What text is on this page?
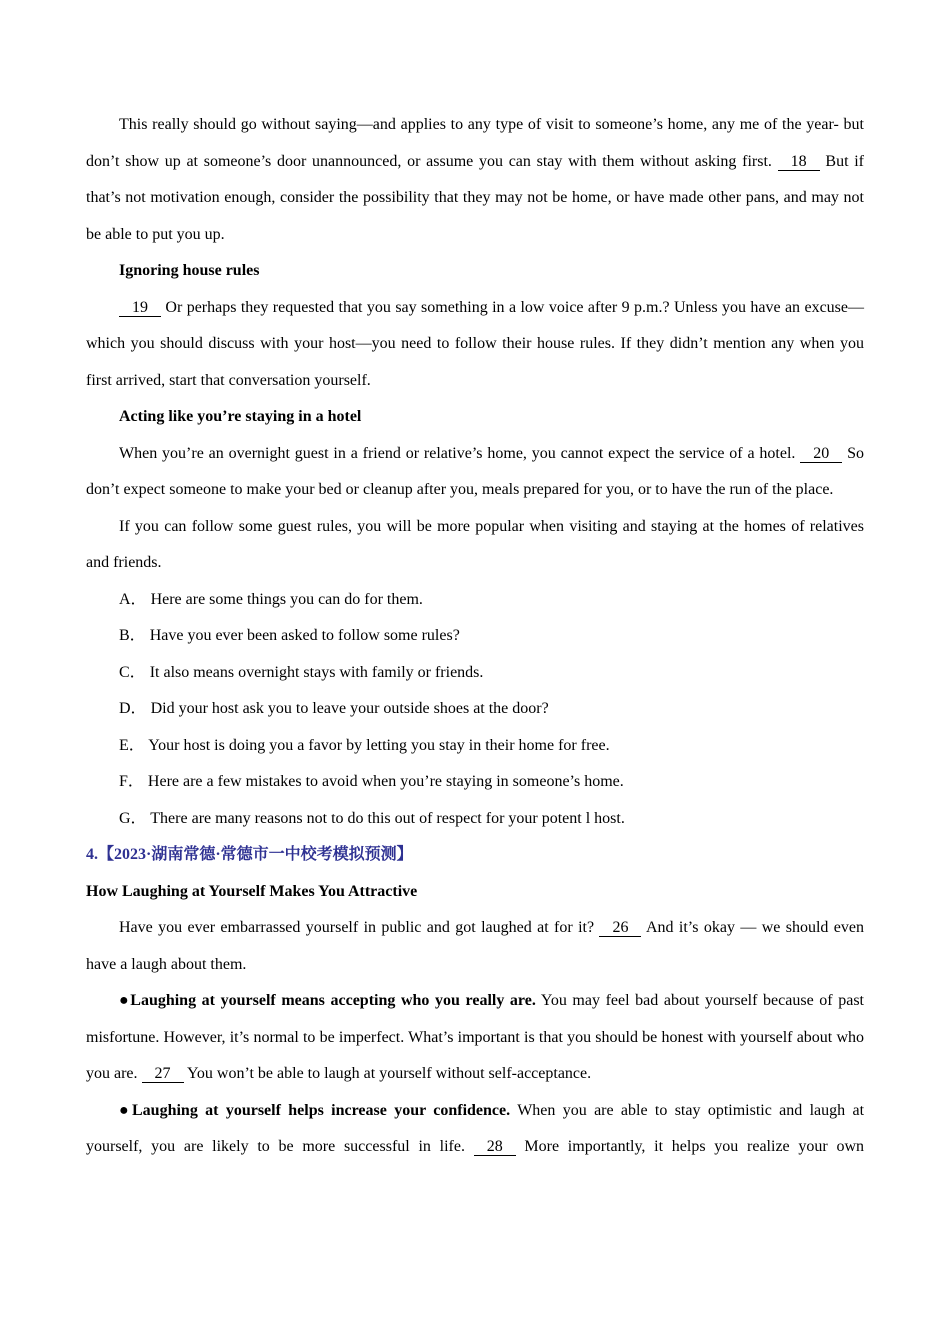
This really should go without saying—and applies to any type of visit to someone’s home, any me of the year- but don’t show up at someone’s door unannounced, or assume you can stay with them without asking first. 18 But if that’s not motivation enough, consider the possibility that they may not be home, or have made other pans, and may not be able to put you up.

Ignoring house rules

19 Or perhaps they requested that you say something in a low voice after 9 p.m.? Unless you have an excuse—which you should discuss with your host—you need to follow their house rules. If they didn’t mention any when you first arrived, start that conversation yourself.

Acting like you’re staying in a hotel

When you’re an overnight guest in a friend or relative’s home, you cannot expect the service of a hotel. 20 So don’t expect someone to make your bed or cleanup after you, meals prepared for you, or to have the run of the place.

If you can follow some guest rules, you will be more popular when visiting and staying at the homes of relatives and friends.

A． Here are some things you can do for them.

B． Have you ever been asked to follow some rules?

C． It also means overnight stays with family or friends.

D． Did your host ask you to leave your outside shoes at the door?

E． Your host is doing you a favor by letting you stay in their home for free.

F． Here are a few mistakes to avoid when you’re staying in someone’s home.

G． There are many reasons not to do this out of respect for your potent l host.

4.【2023·湖南常德·常德市一中校考模拟预测】

How Laughing at Yourself Makes You Attractive

Have you ever embarrassed yourself in public and got laughed at for it? 26 And it’s okay — we should even have a laugh about them.

●Laughing at yourself means accepting who you really are. You may feel bad about yourself because of past misfortune. However, it’s normal to be imperfect. What’s important is that you should be honest with yourself about who you are. 27 You won’t be able to laugh at yourself without self-acceptance.

●Laughing at yourself helps increase your confidence. When you are able to stay optimistic and laugh at yourself, you are likely to be more successful in life. 28 More importantly, it helps you realize your own
